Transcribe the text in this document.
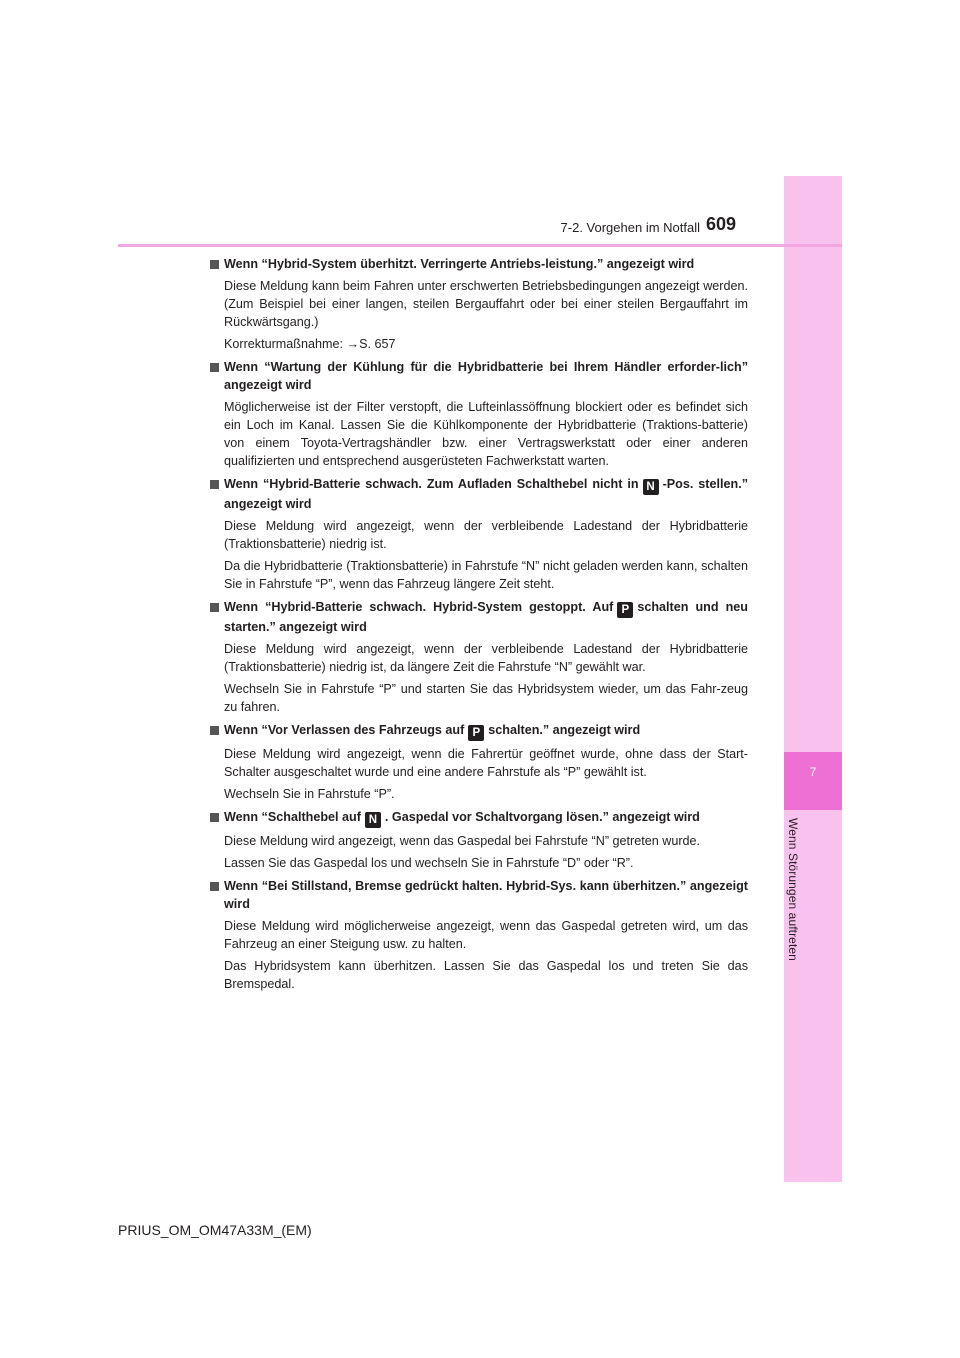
7
Wenn Störungen auftreten
7-2. Vorgehen im Notfall 609
Wenn “Hybrid-System überhitzt. Verringerte Antriebs-leistung.” angezeigt wird
Diese Meldung kann beim Fahren unter erschwerten Betriebsbedingungen angezeigt werden. (Zum Beispiel bei einer langen, steilen Bergauffahrt oder bei einer steilen Bergauffahrt im Rückwärtsgang.)
Korrekturmaßnahme: →S. 657
Wenn “Wartung der Kühlung für die Hybridbatterie bei Ihrem Händler erforder-lich” angezeigt wird
Möglicherweise ist der Filter verstopft, die Lufteinlassöffnung blockiert oder es befindet sich ein Loch im Kanal. Lassen Sie die Kühlkomponente der Hybridbatterie (Traktions-batterie) von einem Toyota-Vertragshändler bzw. einer Vertragswerkstatt oder einer anderen qualifizierten und entsprechend ausgerüsteten Fachwerkstatt warten.
Wenn “Hybrid-Batterie schwach. Zum Aufladen Schalthebel nicht in N -Pos. stellen.” angezeigt wird
Diese Meldung wird angezeigt, wenn der verbleibende Ladestand der Hybridbatterie (Traktionsbatterie) niedrig ist.
Da die Hybridbatterie (Traktionsbatterie) in Fahrstufe “N” nicht geladen werden kann, schalten Sie in Fahrstufe “P”, wenn das Fahrzeug längere Zeit steht.
Wenn “Hybrid-Batterie schwach. Hybrid-System gestoppt. Auf P schalten und neu starten.” angezeigt wird
Diese Meldung wird angezeigt, wenn der verbleibende Ladestand der Hybridbatterie (Traktionsbatterie) niedrig ist, da längere Zeit die Fahrstufe “N” gewählt war.
Wechseln Sie in Fahrstufe “P” und starten Sie das Hybridsystem wieder, um das Fahr-zeug zu fahren.
Wenn “Vor Verlassen des Fahrzeugs auf P schalten.” angezeigt wird
Diese Meldung wird angezeigt, wenn die Fahrertür geöffnet wurde, ohne dass der Start-Schalter ausgeschaltet wurde und eine andere Fahrstufe als “P” gewählt ist.
Wechseln Sie in Fahrstufe “P”.
Wenn “Schalthebel auf N . Gaspedal vor Schaltvorgang lösen.” angezeigt wird
Diese Meldung wird angezeigt, wenn das Gaspedal bei Fahrstufe “N” getreten wurde.
Lassen Sie das Gaspedal los und wechseln Sie in Fahrstufe “D” oder “R”.
Wenn “Bei Stillstand, Bremse gedrückt halten. Hybrid-Sys. kann überhitzen.” angezeigt wird
Diese Meldung wird möglicherweise angezeigt, wenn das Gaspedal getreten wird, um das Fahrzeug an einer Steigung usw. zu halten.
Das Hybridsystem kann überhitzen. Lassen Sie das Gaspedal los und treten Sie das Bremspedal.
PRIUS_OM_OM47A33M_(EM)
